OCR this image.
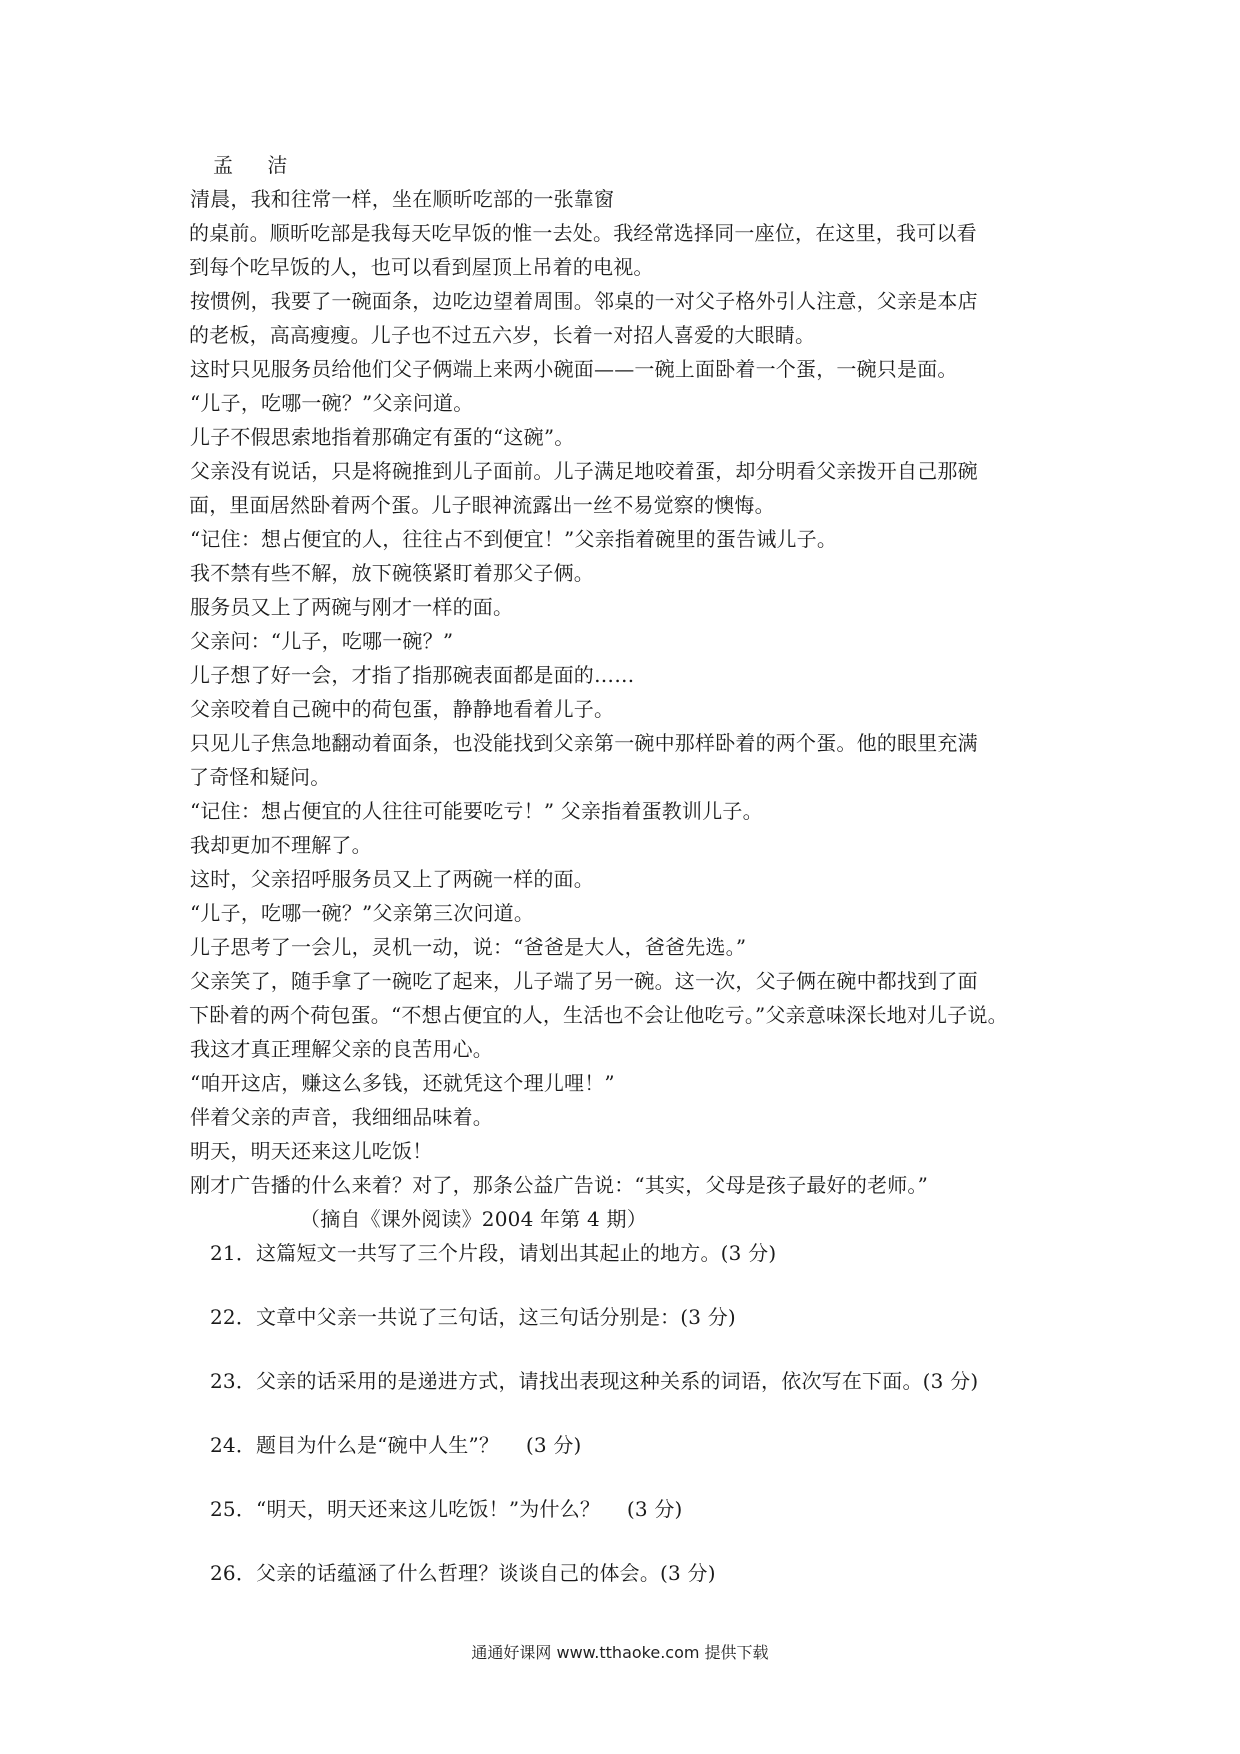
孟 洁
清晨，我和往常一样，坐在顺昕吃部的一张靠窗
的桌前。顺昕吃部是我每天吃早饭的惟一去处。我经常选择同一座位，在这里，我可以看
到每个吃早饭的人，也可以看到屋顶上吊着的电视。
按惯例，我要了一碗面条，边吃边望着周围。邻桌的一对父子格外引人注意，父亲是本店
的老板，高高瘦瘦。儿子也不过五六岁，长着一对招人喜爱的大眼睛。
这时只见服务员给他们父子俩端上来两小碗面——一碗上面卧着一个蛋，一碗只是面。
“儿子，吃哪一碗？”父亲问道。
儿子不假思索地指着那确定有蛋的“这碗”。
父亲没有说话，只是将碗推到儿子面前。儿子满足地咬着蛋，却分明看父亲拨开自己那碗
面，里面居然卧着两个蛋。儿子眼神流露出一丝不易觉察的懊悔。
“记住：想占便宜的人，往往占不到便宜！”父亲指着碗里的蛋告诫儿子。
我不禁有些不解，放下碗筷紧盯着那父子俩。
服务员又上了两碗与刚才一样的面。
父亲问：“儿子，吃哪一碗？”
儿子想了好一会，才指了指那碗表面都是面的……
父亲咬着自己碗中的荷包蛋，静静地看着儿子。
只见儿子焦急地翻动着面条，也没能找到父亲第一碗中那样卧着的两个蛋。他的眼里充满
了奇怪和疑问。
“记住：想占便宜的人往往可能要吃亏！” 父亲指着蛋教训儿子。
我却更加不理解了。
这时，父亲招呼服务员又上了两碗一样的面。
“儿子，吃哪一碗？”父亲第三次问道。
儿子思考了一会儿，灵机一动，说：“爸爸是大人，爸爸先选。”
父亲笑了，随手拿了一碗吃了起来，儿子端了另一碗。这一次，父子俩在碗中都找到了面
下卧着的两个荷包蛋。“不想占便宜的人，生活也不会让他吃亏。”父亲意味深长地对儿子说。
我这才真正理解父亲的良苦用心。
“咱开这店，赚这么多钱，还就凭这个理儿哩！”
伴着父亲的声音，我细细品味着。
明天，明天还来这儿吃饭！
刚才广告播的什么来着？对了，那条公益广告说：“其实，父母是孩子最好的老师。”
（摘自《课外阅读》2004 年第 4 期）
21．这篇短文一共写了三个片段，请划出其起止的地方。(3 分)
22．文章中父亲一共说了三句话，这三句话分别是：(3 分)
23．父亲的话采用的是递进方式，请找出表现这种关系的词语，依次写在下面。(3 分)
24．题目为什么是“碗中人生”？　 (3 分)
25．“明天，明天还来这儿吃饭！”为什么？　 (3 分)
26．父亲的话蕴涵了什么哲理？谈谈自己的体会。(3 分)
通通好课网 www.tthaoke.com 提供下载
